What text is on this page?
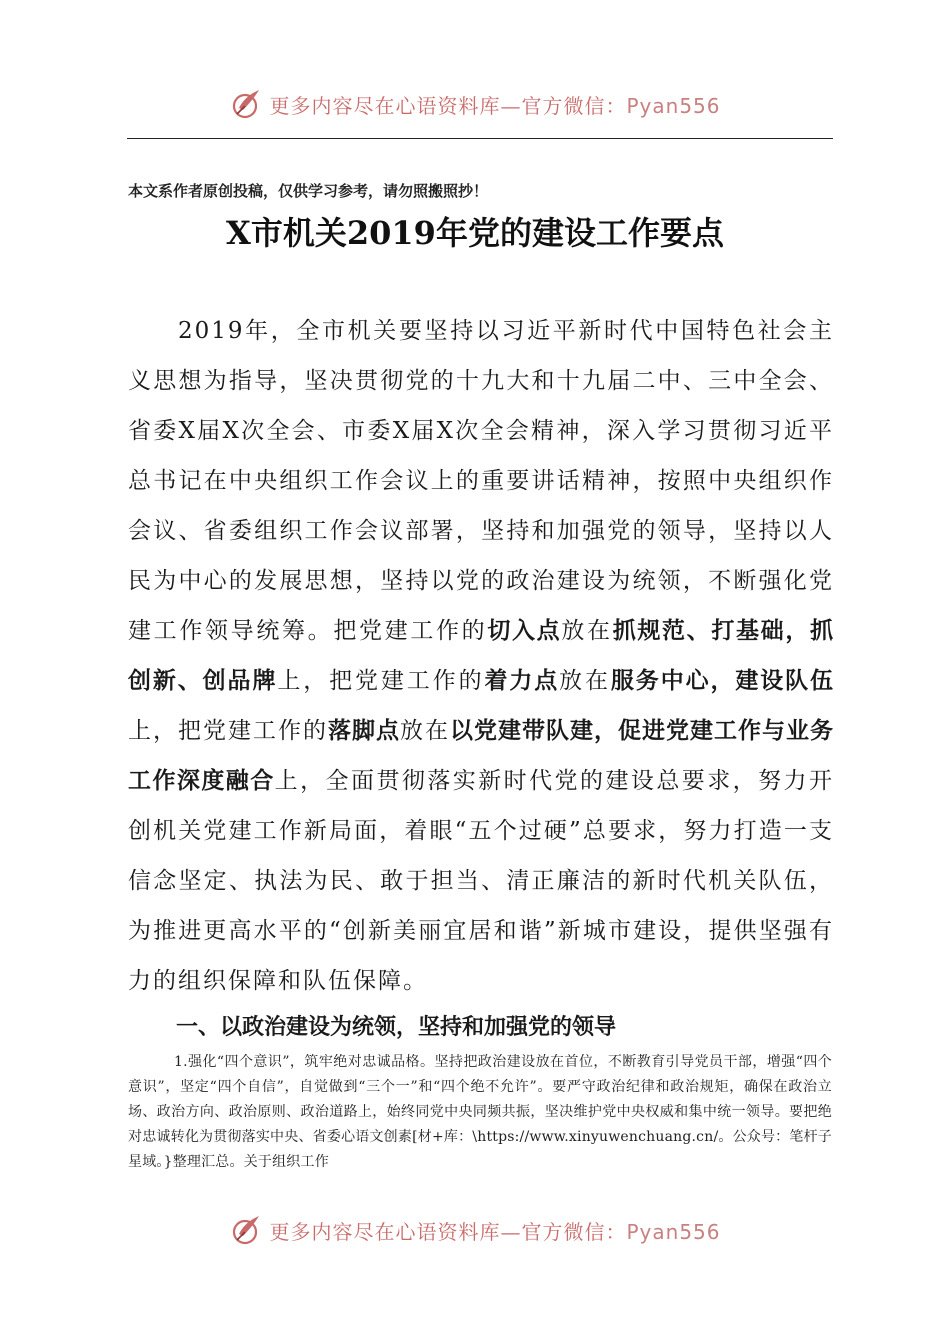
更多内容尽在心语资料库—官方微信：Pyan556
本文系作者原创投稿，仅供学习参考，请勿照搬照抄！
X市机关2019年党的建设工作要点

2019年，全市机关要坚持以习近平新时代中国特色社会主义思想为指导，坚决贯彻党的十九大和十九届二中、三中全会、省委X届X次全会、市委X届X次全会精神，深入学习贯彻习近平总书记在中央组织工作会议上的重要讲话精神，按照中央组织作会议、省委组织工作会议部署，坚持和加强党的领导，坚持以人民为中心的发展思想，坚持以党的政治建设为统领，不断强化党建工作领导统筹。把党建工作的切入点放在抓规范、打基础，抓创新、创品牌上，把党建工作的着力点放在服务中心，建设队伍上，把党建工作的落脚点放在以党建带队建，促进党建工作与业务工作深度融合上，全面贯彻落实新时代党的建设总要求，努力开创机关党建工作新局面，着眼“五个过硬”总要求，努力打造一支信念坚定、执法为民、敢于担当、清正廉洁的新时代机关队伍，为推进更高水平的“创新美丽宜居和谐”新城市建设，提供坚强有力的组织保障和队伍保障。

一、以政治建设为统领，坚持和加强党的领导

1.强化“四个意识”，筑牢绝对忠诚品格。坚持把政治建设放在首位，不断教育引导党员干部，增强“四个意识”，坚定“四个自信”，自觉做到“三个一”和“四个绝不允许”。要严守政治纪律和政治规矩，确保在政治立场、政治方向、政治原则、政治道路上，始终同党中央同频共振，坚决维护党中央权威和集中统一领导。要把绝对忠诚转化为贯彻落实中央、省委心语文创素[材+库：\https://www.xinyuwenchuang.cn/。公众号：笔杆子星域。}整理汇总。关于组织工作

更多内容尽在心语资料库—官方微信：Pyan556
